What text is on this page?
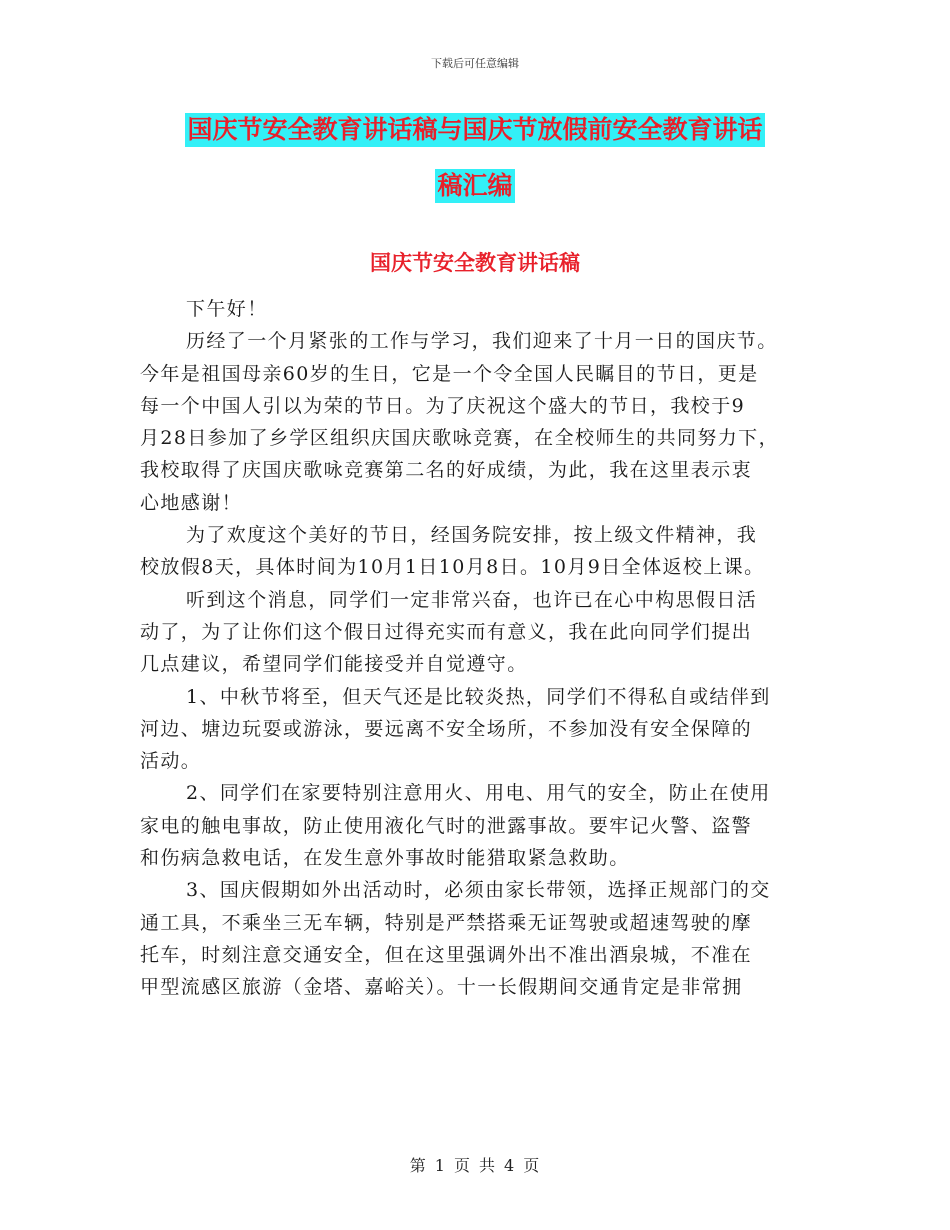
下载后可任意编辑
国庆节安全教育讲话稿与国庆节放假前安全教育讲话
稿汇编
国庆节安全教育讲话稿
下午好！
历经了一个月紧张的工作与学习，我们迎来了十月一日的国庆节。
今年是祖国母亲60岁的生日，它是一个令全国人民瞩目的节日，更是
每一个中国人引以为荣的节日。为了庆祝这个盛大的节日，我校于9
月28日参加了乡学区组织庆国庆歌咏竞赛，在全校师生的共同努力下，
我校取得了庆国庆歌咏竞赛第二名的好成绩，为此，我在这里表示衷
心地感谢！
为了欢度这个美好的节日，经国务院安排，按上级文件精神，我
校放假8天，具体时间为10月1日10月8日。10月9日全体返校上课。
听到这个消息，同学们一定非常兴奋，也许已在心中构思假日活
动了，为了让你们这个假日过得充实而有意义，我在此向同学们提出
几点建议，希望同学们能接受并自觉遵守。
1、中秋节将至，但天气还是比较炎热，同学们不得私自或结伴到
河边、塘边玩耍或游泳，要远离不安全场所，不参加没有安全保障的
活动。
2、同学们在家要特别注意用火、用电、用气的安全，防止在使用
家电的触电事故，防止使用液化气时的泄露事故。要牢记火警、盗警
和伤病急救电话，在发生意外事故时能猎取紧急救助。
3、国庆假期如外出活动时，必须由家长带领，选择正规部门的交
通工具，不乘坐三无车辆，特别是严禁搭乘无证驾驶或超速驾驶的摩
托车，时刻注意交通安全，但在这里强调外出不准出酒泉城，不准在
甲型流感区旅游（金塔、嘉峪关）。十一长假期间交通肯定是非常拥
第 1 页 共 4 页
